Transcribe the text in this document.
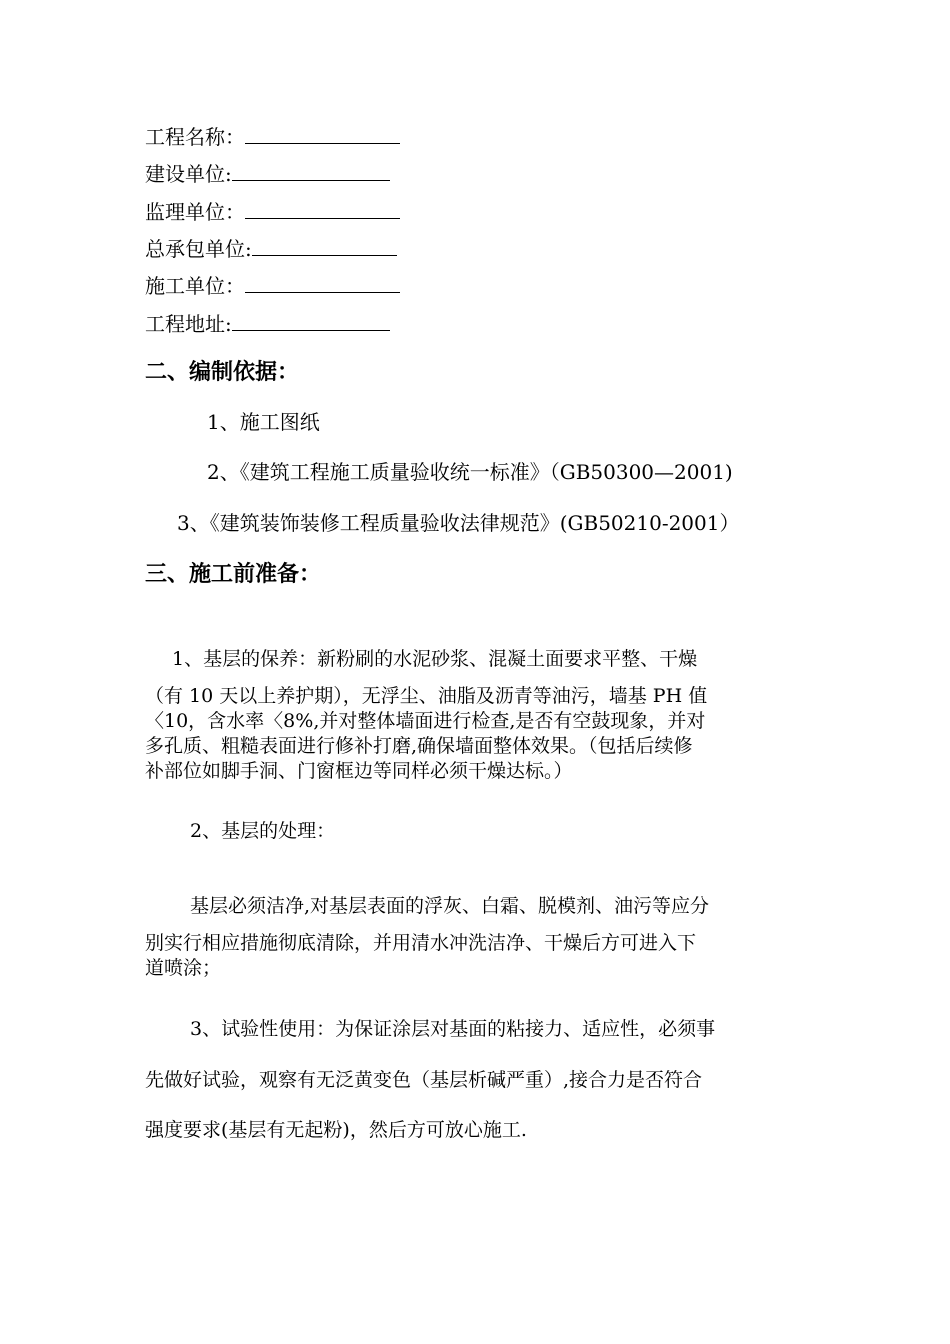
工程名称：
建设单位:
监理单位：
总承包单位:
施工单位：
工程地址:
二、编制依据：
1、施工图纸
2、《建筑工程施工质量验收统一标准》（GB50300—2001)
3、《建筑装饰装修工程质量验收法律规范》(GB50210-2001）
三、施工前准备：
1、基层的保养：新粉刷的水泥砂浆、混凝土面要求平整、干燥
（有 10 天以上养护期），无浮尘、油脂及沥青等油污，墙基 PH 值
〈10，含水率〈8%,并对整体墙面进行检查,是否有空鼓现象，并对
多孔质、粗糙表面进行修补打磨,确保墙面整体效果。（包括后续修
补部位如脚手洞、门窗框边等同样必须干燥达标。）
2、基层的处理：
基层必须洁净,对基层表面的浮灰、白霜、脱模剂、油污等应分
别实行相应措施彻底清除，并用清水冲洗洁净、干燥后方可进入下
道喷涂；
3、试验性使用：为保证涂层对基面的粘接力、适应性，必须事
先做好试验，观察有无泛黄变色（基层析碱严重）,接合力是否符合
强度要求(基层有无起粉)，然后方可放心施工.
